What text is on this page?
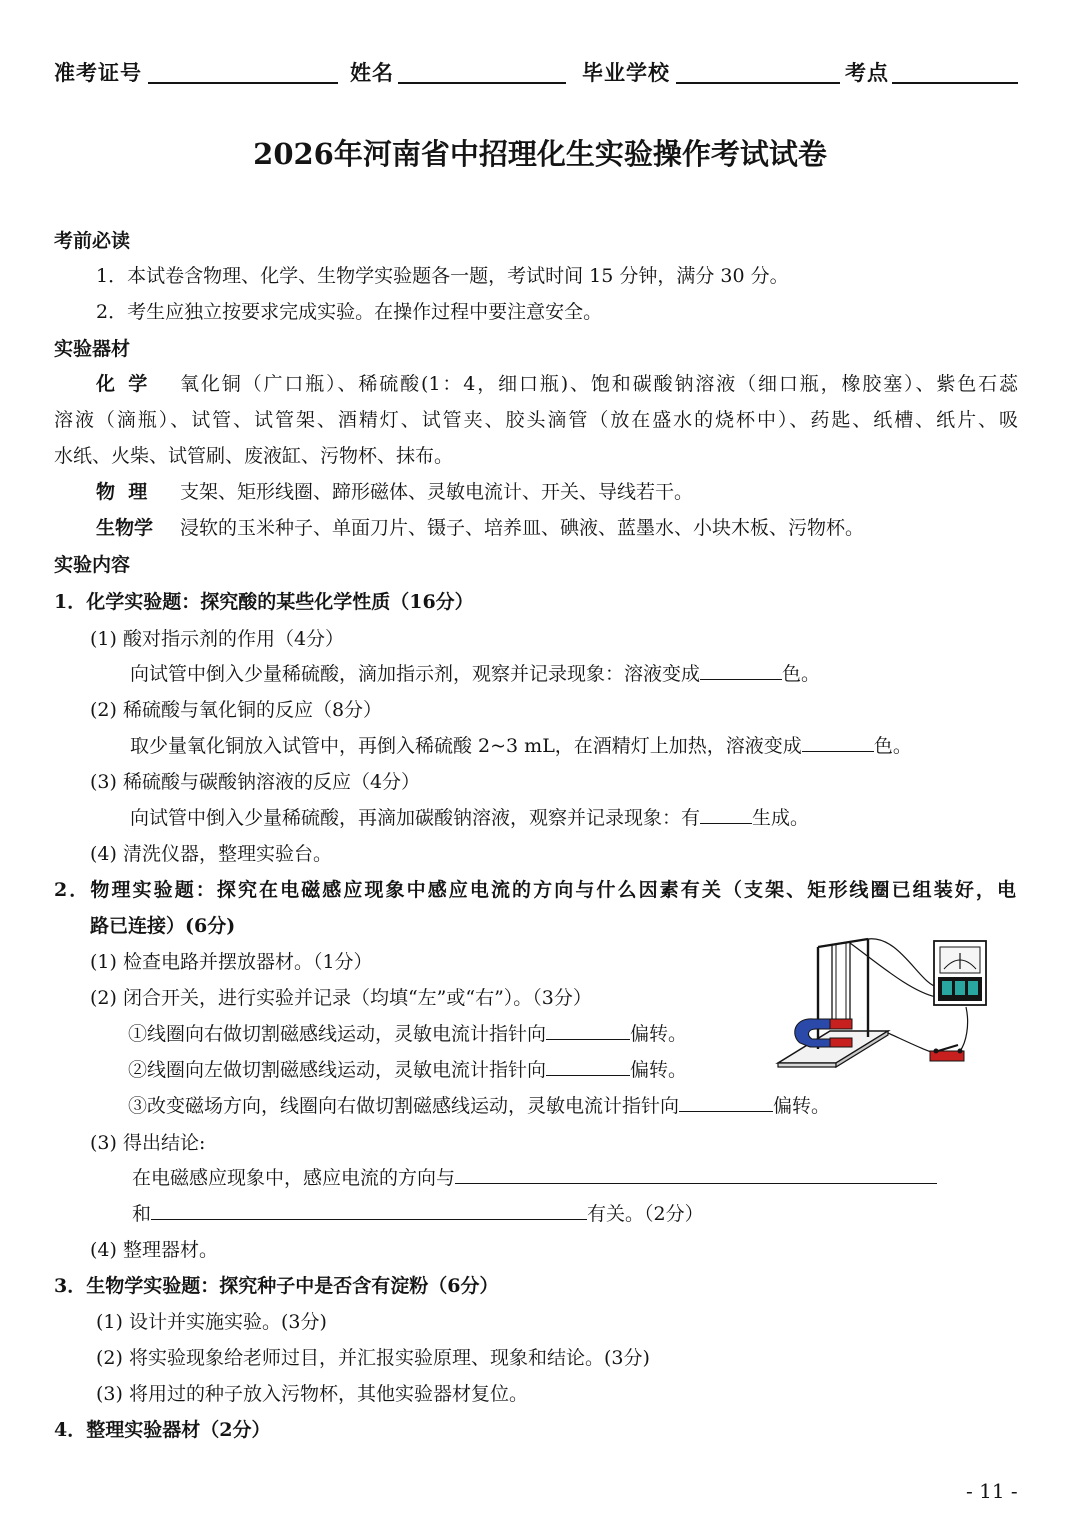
准考证号	姓名	毕业学校	考点
2026年河南省中招理化生实验操作考试试卷
考前必读
1．本试卷含物理、化学、生物学实验题各一题，考试时间 15 分钟，满分 30 分。
2．考生应独立按要求完成实验。在操作过程中要注意安全。
实验器材
化  学 氧化铜（广口瓶）、稀硫酸(1：4，细口瓶)、饱和碳酸钠溶液（细口瓶，橡胶塞）、紫色石蕊
溶液（滴瓶）、试管、试管架、酒精灯、试管夹、胶头滴管（放在盛水的烧杯中）、药匙、纸槽、纸片、吸
水纸、火柴、试管刷、废液缸、污物杯、抹布。
物  理 支架、矩形线圈、蹄形磁体、灵敏电流计、开关、导线若干。
生物学 浸软的玉米种子、单面刀片、镊子、培养皿、碘液、蓝墨水、小块木板、污物杯。
实验内容
1．化学实验题：探究酸的某些化学性质（16分）
(1) 酸对指示剂的作用（4分）
向试管中倒入少量稀硫酸，滴加指示剂，观察并记录现象：溶液变成	色。
(2) 稀硫酸与氧化铜的反应（8分）
取少量氧化铜放入试管中，再倒入稀硫酸 2~3 mL，在酒精灯上加热，溶液变成	色。
(3) 稀硫酸与碳酸钠溶液的反应（4分）
向试管中倒入少量稀硫酸，再滴加碳酸钠溶液，观察并记录现象：有	生成。
(4) 清洗仪器，整理实验台。
2．物理实验题：探究在电磁感应现象中感应电流的方向与什么因素有关（支架、矩形线圈已组装好，电
路已连接）(6分)
(1) 检查电路并摆放器材。（1分）
(2) 闭合开关，进行实验并记录（均填“左”或“右”）。（3分）
①线圈向右做切割磁感线运动，灵敏电流计指针向	偏转。
②线圈向左做切割磁感线运动，灵敏电流计指针向	偏转。
③改变磁场方向，线圈向右做切割磁感线运动，灵敏电流计指针向	偏转。
(3) 得出结论:
在电磁感应现象中，感应电流的方向与
和	有关。（2分）
(4) 整理器材。
3．生物学实验题：探究种子中是否含有淀粉（6分）
(1) 设计并实施实验。(3分)
(2) 将实验现象给老师过目，并汇报实验原理、现象和结论。(3分)
(3) 将用过的种子放入污物杯，其他实验器材复位。
4．整理实验器材（2分）
- 11 -
